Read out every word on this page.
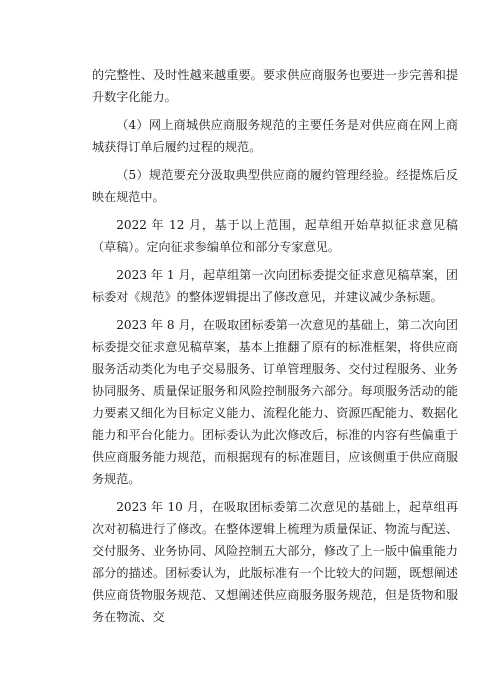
的完整性、及时性越来越重要。要求供应商服务也要进一步完善和提升数字化能力。

（4）网上商城供应商服务规范的主要任务是对供应商在网上商城获得订单后履约过程的规范。

（5）规范要充分汲取典型供应商的履约管理经验。经提炼后反映在规范中。

2022 年 12 月，基于以上范围，起草组开始草拟征求意见稿（草稿）。定向征求参编单位和部分专家意见。

2023 年 1 月，起草组第一次向团标委提交征求意见稿草案，团标委对《规范》的整体逻辑提出了修改意见，并建议减少条标题。

2023 年 8 月，在吸取团标委第一次意见的基础上，第二次向团标委提交征求意见稿草案，基本上推翻了原有的标准框架，将供应商服务活动类化为电子交易服务、订单管理服务、交付过程服务、业务协同服务、质量保证服务和风险控制服务六部分。每项服务活动的能力要素又细化为目标定义能力、流程化能力、资源匹配能力、数据化能力和平台化能力。团标委认为此次修改后，标准的内容有些偏重于供应商服务能力规范，而根据现有的标准题目，应该侧重于供应商服务规范。

2023 年 10 月，在吸取团标委第二次意见的基础上，起草组再次对初稿进行了修改。在整体逻辑上梳理为质量保证、物流与配送、交付服务、业务协同、风险控制五大部分，修改了上一版中偏重能力部分的描述。团标委认为，此版标准有一个比较大的问题，既想阐述供应商货物服务规范、又想阐述供应商服务服务规范，但是货物和服务在物流、交
